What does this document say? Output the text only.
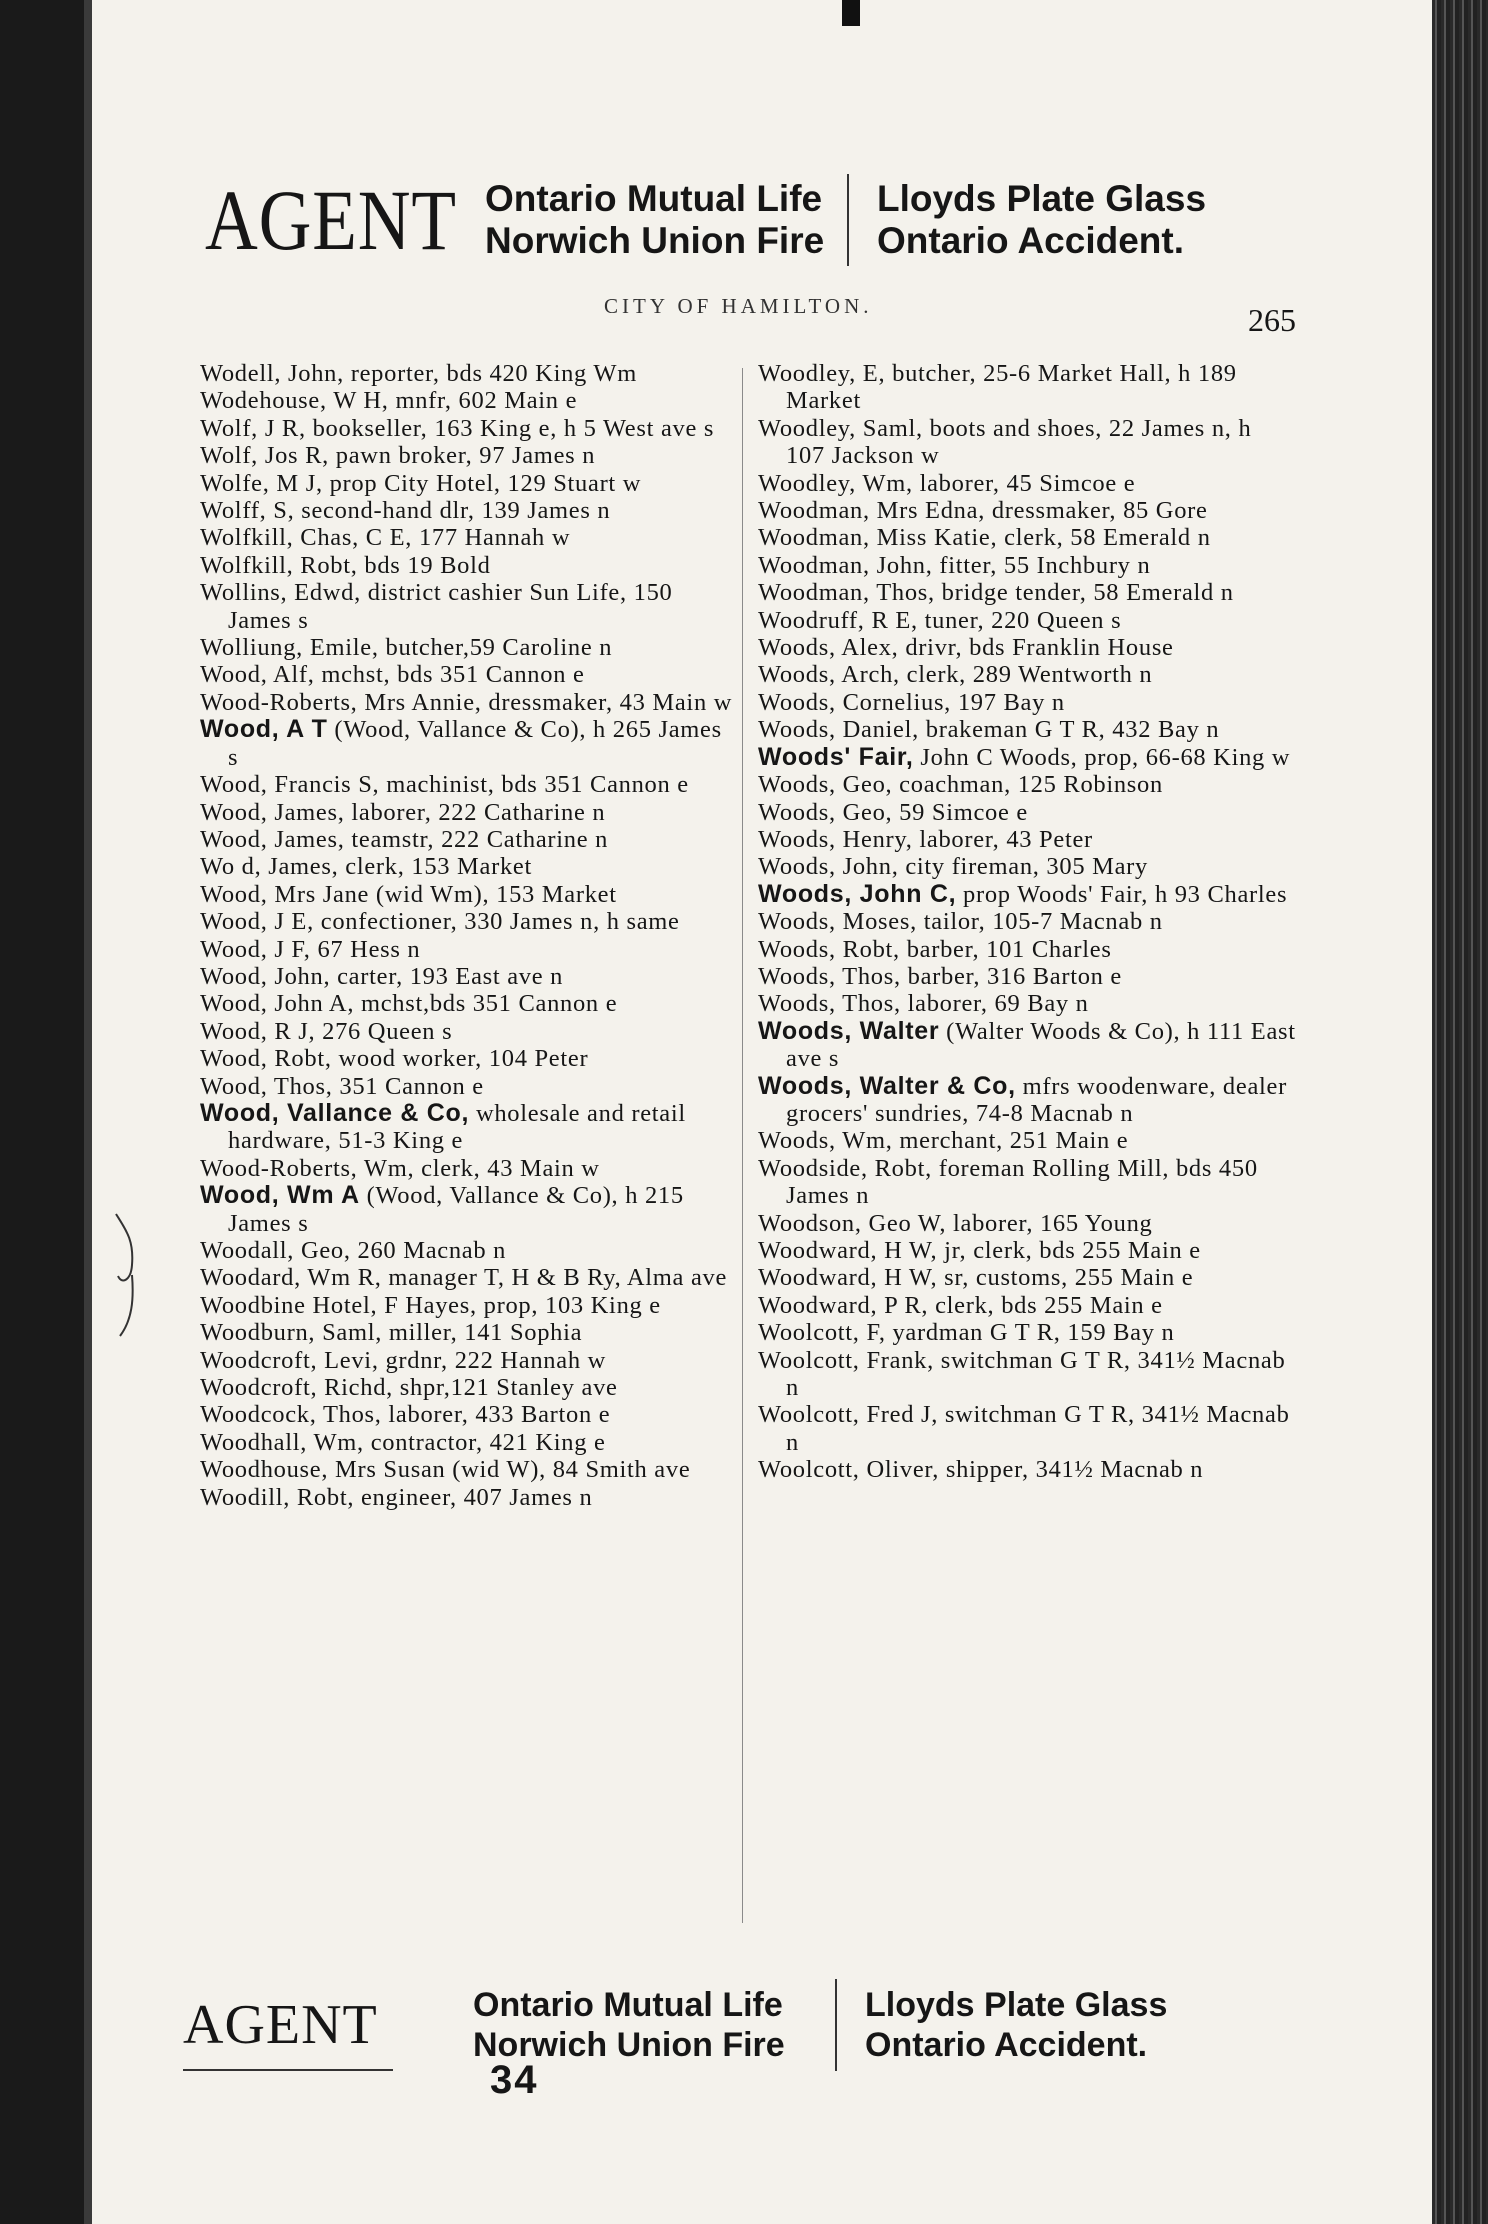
AGENT Ontario Mutual Life
Norwich Union Fire
Lloyds Plate Glass
Ontario Accident.
CITY OF HAMILTON.	265
Wodell, John, reporter, bds 420 King Wm
Wodehouse, W H, mnfr, 602 Main e
Wolf, J R, bookseller, 163 King e, h 5 West ave s
Wolf, Jos R, pawn broker, 97 James n
Wolfe, M J, prop City Hotel, 129 Stuart w
Wolff, S, second-hand dlr, 139 James n
Wolfkill, Chas, C E, 177 Hannah w
Wolfkill, Robt, bds 19 Bold
Wollins, Edwd, district cashier Sun Life, 150 James s
Wolliung, Emile, butcher,59 Caroline n
Wood, Alf, mchst, bds 351 Cannon e
Wood-Roberts, Mrs Annie, dressmaker, 43 Main w
Wood, A T (Wood, Vallance & Co), h 265 James s
Wood, Francis S, machinist, bds 351 Cannon e
Wood, James, laborer, 222 Catharine n
Wood, James, teamstr, 222 Catharine n
Wo d, James, clerk, 153 Market
Wood, Mrs Jane (wid Wm), 153 Market
Wood, J E, confectioner, 330 James n, h same
Wood, J F, 67 Hess n
Wood, John, carter, 193 East ave n
Wood, John A, mchst,bds 351 Cannon e
Wood, R J, 276 Queen s
Wood, Robt, wood worker, 104 Peter
Wood, Thos, 351 Cannon e
Wood, Vallance & Co, wholesale and retail hardware, 51-3 King e
Wood-Roberts, Wm, clerk, 43 Main w
Wood, Wm A (Wood, Vallance & Co), h 215 James s
Woodall, Geo, 260 Macnab n
Woodard, Wm R, manager T, H & B Ry, Alma ave
Woodbine Hotel, F Hayes, prop, 103 King e
Woodburn, Saml, miller, 141 Sophia
Woodcroft, Levi, grdnr, 222 Hannah w
Woodcroft, Richd, shpr,121 Stanley ave
Woodcock, Thos, laborer, 433 Barton e
Woodhall, Wm, contractor, 421 King e
Woodhouse, Mrs Susan (wid W), 84 Smith ave
Woodill, Robt, engineer, 407 James n
Woodley, E, butcher, 25-6 Market Hall, h 189 Market
Woodley, Saml, boots and shoes, 22 James n, h 107 Jackson w
Woodley, Wm, laborer, 45 Simcoe e
Woodman, Mrs Edna, dressmaker, 85 Gore
Woodman, Miss Katie, clerk, 58 Emerald n
Woodman, John, fitter, 55 Inchbury n
Woodman, Thos, bridge tender, 58 Emerald n
Woodruff, R E, tuner, 220 Queen s
Woods, Alex, drivr, bds Franklin House
Woods, Arch, clerk, 289 Wentworth n
Woods, Cornelius, 197 Bay n
Woods, Daniel, brakeman G T R, 432 Bay n
Woods' Fair, John C Woods, prop, 66-68 King w
Woods, Geo, coachman, 125 Robinson
Woods, Geo, 59 Simcoe e
Woods, Henry, laborer, 43 Peter
Woods, John, city fireman, 305 Mary
Woods, John C, prop Woods' Fair, h 93 Charles
Woods, Moses, tailor, 105-7 Macnab n
Woods, Robt, barber, 101 Charles
Woods, Thos, barber, 316 Barton e
Woods, Thos, laborer, 69 Bay n
Woods, Walter (Walter Woods & Co), h 111 East ave s
Woods, Walter & Co, mfrs woodenware, dealer grocers' sundries, 74-8 Macnab n
Woods, Wm, merchant, 251 Main e
Woodside, Robt, foreman Rolling Mill, bds 450 James n
Woodson, Geo W, laborer, 165 Young
Woodward, H W, jr, clerk, bds 255 Main e
Woodward, H W, sr, customs, 255 Main e
Woodward, P R, clerk, bds 255 Main e
Woolcott, F, yardman G T R, 159 Bay n
Woolcott, Frank, switchman G T R, 341½ Macnab n
Woolcott, Fred J, switchman G T R, 341½ Macnab n
Woolcott, Oliver, shipper, 341½ Macnab n
AGENT	Ontario Mutual Life
Norwich Union Fire
Lloyds Plate Glass
Ontario Accident.
34
